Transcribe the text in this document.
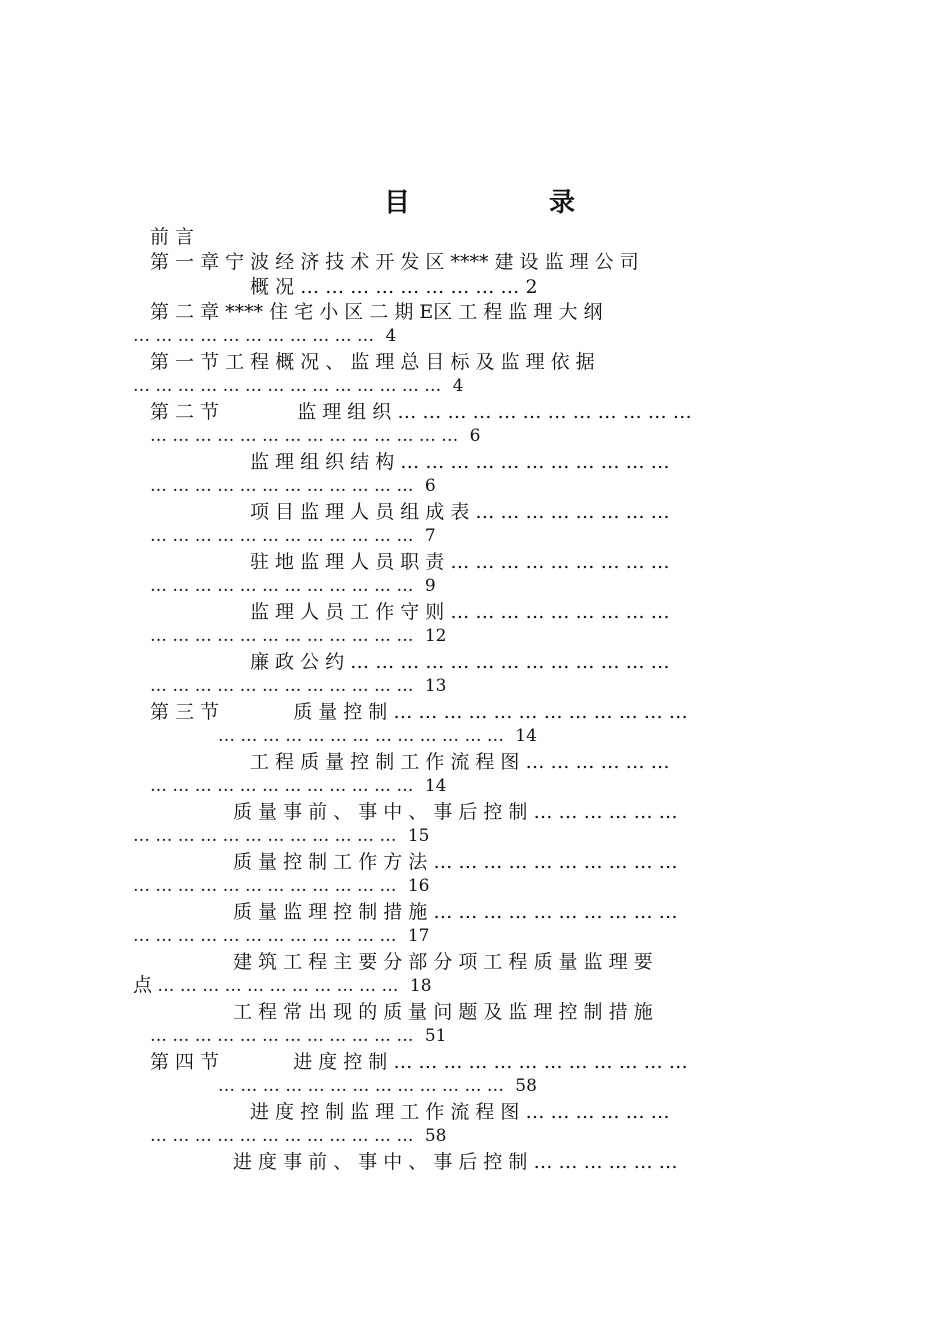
目	录
前 言
第 一 章 宁 波 经 济 技 术 开 发 区 **** 建 设 监 理 公 司
概 况 … … … … … … … … … 2
第 二 章 **** 住 宅 小 区 二 期 E区 工 程 监 理 大 纲
… … … … … … … … … … … 4
第 一 节 工 程 概 况 、 监 理 总 目 标 及 监 理 依 据
… … … … … … … … … … … … … … 4
第 二 节	监 理 组 织 … … … … … … … … … … … …
… … … … … … … … … … … … … … 6
监 理 组 织 结 构 … … … … … … … … … … …
… … … … … … … … … … … … 6
项 目 监 理 人 员 组 成 表 … … … … … … … …
… … … … … … … … … … … … 7
驻 地 监 理 人 员 职 责 … … … … … … … … …
… … … … … … … … … … … … 9
监 理 人 员 工 作 守 则 … … … … … … … … …
… … … … … … … … … … … … 12
廉 政 公 约 … … … … … … … … … … … … …
… … … … … … … … … … … … 13
第 三 节	质 量 控 制 … … … … … … … … … … … …
… … … … … … … … … … … … … 14
工 程 质 量 控 制 工 作 流 程 图 … … … … … …
… … … … … … … … … … … … 14
质 量 事 前 、 事 中 、 事 后 控 制 … … … … … …
… … … … … … … … … … … … 15
质 量 控 制 工 作 方 法 … … … … … … … … … …
… … … … … … … … … … … … 16
质 量 监 理 控 制 措 施 … … … … … … … … … …
… … … … … … … … … … … … 17
建 筑 工 程 主 要 分 部 分 项 工 程 质 量 监 理 要
点 … … … … … … … … … … … 18
工 程 常 出 现 的 质 量 问 题 及 监 理 控 制 措 施
… … … … … … … … … … … … 51
第 四 节	进 度 控 制 … … … … … … … … … … … …
… … … … … … … … … … … … … 58
进 度 控 制 监 理 工 作 流 程 图 … … … … … …
… … … … … … … … … … … … 58
进 度 事 前 、 事 中 、 事 后 控 制 … … … … … …
